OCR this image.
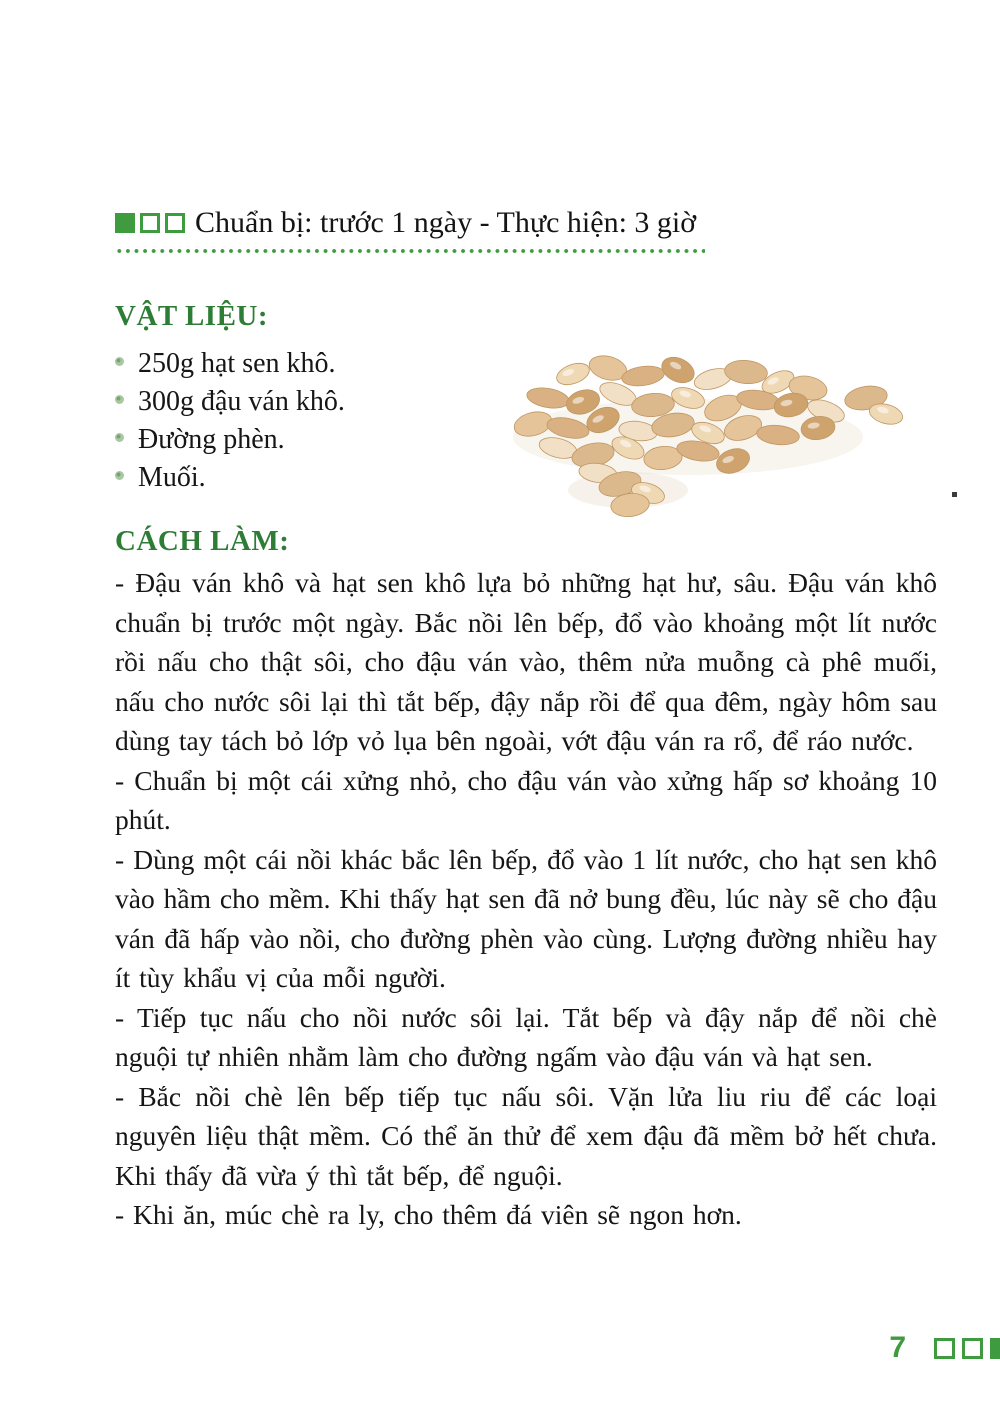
Chuẩn bị: trước 1 ngày - Thực hiện: 3 giờ
VẬT LIỆU:
250g hạt sen khô.
300g đậu ván khô.
Đường phèn.
Muối.
CÁCH LÀM:

- Đậu ván khô và hạt sen khô lựa bỏ những hạt hư, sâu. Đậu ván khô chuẩn bị trước một ngày. Bắc nồi lên bếp, đổ vào khoảng một lít nước rồi nấu cho thật sôi, cho đậu ván vào, thêm nửa muỗng cà phê muối, nấu cho nước sôi lại thì tắt bếp, đậy nắp rồi để qua đêm, ngày hôm sau dùng tay tách bỏ lớp vỏ lụa bên ngoài, vớt đậu ván ra rổ, để ráo nước.

- Chuẩn bị một cái xửng nhỏ, cho đậu ván vào xửng hấp sơ khoảng 10 phút.

- Dùng một cái nồi khác bắc lên bếp, đổ vào 1 lít nước, cho hạt sen khô vào hầm cho mềm. Khi thấy hạt sen đã nở bung đều, lúc này sẽ cho đậu ván đã hấp vào nồi, cho đường phèn vào cùng. Lượng đường nhiều hay ít tùy khẩu vị của mỗi người.

- Tiếp tục nấu cho nồi nước sôi lại. Tắt bếp và đậy nắp để nồi chè nguội tự nhiên nhằm làm cho đường ngấm vào đậu ván và hạt sen.

- Bắc nồi chè lên bếp tiếp tục nấu sôi. Vặn lửa liu riu để các loại nguyên liệu thật mềm. Có thể ăn thử để xem đậu đã mềm bở hết chưa. Khi thấy đã vừa ý thì tắt bếp, để nguội.

- Khi ăn, múc chè ra ly, cho thêm đá viên sẽ ngon hơn.

7
